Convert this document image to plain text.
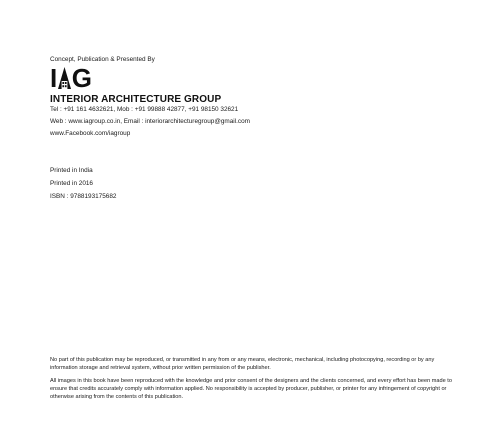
Concept, Publication & Presented By
I G
INTERIOR ARCHITECTURE GROUP
Tel : +91 161 4632621, Mob : +91 99888 42877, +91 98150 32621
Web : www.iagroup.co.in, Email : interiorarchitecturegroup@gmail.com
www.Facebook.com/iagroup
Printed in India
Printed in 2016
ISBN : 9788193175682
No part of this publication may be reproduced, or transmitted in any from or any means, electronic, mechanical, including photocopying, recording or by any information storage and retrieval system, without prior written permission of the publisher.
All images in this book have been reproduced with the knowledge and prior consent of the designers and the clients concerned, and every effort has been made to ensure that credits accurately comply with information applied. No responsibility is accepted by producer, publisher, or printer for any infringement of copyright or otherwise arising from the contents of this publication.
